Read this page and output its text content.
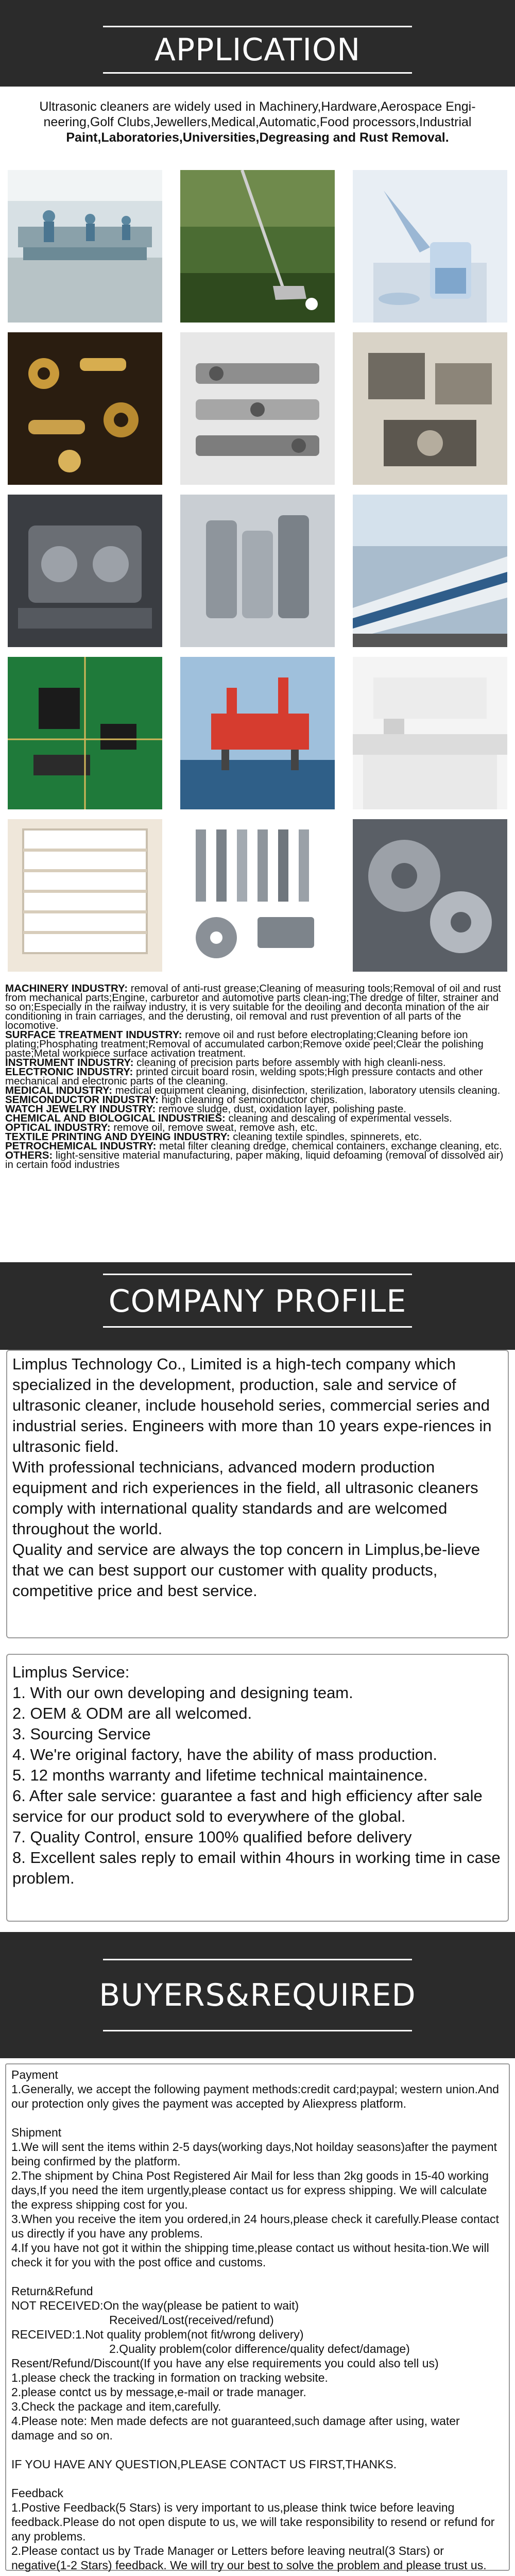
APPLICATION
Ultrasonic cleaners are widely used in Machinery,Hardware,Aerospace Engi-neering,Golf Clubs,Jewellers,Medical,Automatic,Food processors,Industrial
Paint,Laboratories,Universities,Degreasing and Rust Removal.

MACHINERY INDUSTRY: removal of anti-rust grease;Cleaning of measuring tools;Removal of oil and rust from mechanical parts;Engine, carburetor and automotive parts clean-ing;The dredge of filter, strainer and so on;Especially in the railway industry, it is very suitable for the deoiling and deconta mination of the air conditioning in train carriages, and the derusting, oil removal and rust prevention of all parts of the locomotive.

SURFACE TREATMENT INDUSTRY: remove oil and rust before electroplating;Cleaning before ion plating;Phosphating treatment;Removal of accumulated carbon;Remove oxide peel;Clear the polishing paste;Metal workpiece surface activation treatment.

INSTRUMENT INDUSTRY: cleaning of precision parts before assembly with high cleanli-ness.

ELECTRONIC INDUSTRY: printed circuit board rosin, welding spots;High pressure contacts and other mechanical and electronic parts of the cleaning.

MEDICAL INDUSTRY: medical equipment cleaning, disinfection, sterilization, laboratory utensils cleaning.

SEMICONDUCTOR INDUSTRY: high cleaning of semiconductor chips.

WATCH JEWELRY INDUSTRY: remove sludge, dust, oxidation layer, polishing paste.

CHEMICAL AND BIOLOGICAL INDUSTRIES: cleaning and descaling of experimental vessels.

OPTICAL INDUSTRY: remove oil, remove sweat, remove ash, etc.

TEXTILE PRINTING AND DYEING INDUSTRY: cleaning textile spindles, spinnerets, etc.

PETROCHEMICAL INDUSTRY: metal filter cleaning dredge, chemical containers, exchange cleaning, etc.

OTHERS: light-sensitive material manufacturing, paper making, liquid defoaming (removal of dissolved air) in certain food industries

COMPANY PROFILE

Limplus Technology Co., Limited is a high-tech company which specialized in the development, production, sale and service of ultrasonic cleaner, include household series, commercial series and industrial series. Engineers with more than 10 years expe-riences in ultrasonic field.

With professional technicians, advanced modern production equipment and rich experiences in the field, all ultrasonic cleaners comply with international quality standards and are welcomed throughout the world.

Quality and service are always the top concern in Limplus,be-lieve that we can best support our customer with quality products, competitive price and best service.

Limplus Service:

1. With our own developing and designing team.

2. OEM & ODM are all welcomed.

3. Sourcing Service

4. We're original factory, have the ability of mass production.

5. 12 months warranty and lifetime technical maintainence.

6. After sale service: guarantee a fast and high efficiency after sale service for our product sold to everywhere of the global.

7. Quality Control, ensure 100% qualified before delivery

8. Excellent sales reply to email within 4hours in working time in case problem.

BUYERS&REQUIRED

Payment

1.Generally, we accept the following payment methods:credit card;paypal; western union.And our protection only gives the payment was accepted by Aliexpress platform.

Shipment

1.We will sent the items within 2-5 days(working days,Not hoilday seasons)after the payment being confirmed by the platform.

2.The shipment by China Post Registered Air Mail for less than 2kg goods in 15-40 working days,If you need the item urgently,please contact us for express shipping. We will calculate the express shipping cost for you.

3.When you receive the item you ordered,in 24 hours,please check it carefully.Please contact us directly if you have any problems.

4.If you have not got it within the shipping time,please contact us without hesita-tion.We will check it for you with the post office and customs.

Return&Refund

NOT RECEIVED:On the way(please be patient to wait)

Received/Lost(received/refund)

RECEIVED:1.Not quality problem(not fit/wrong delivery)

2.Quality problem(color difference/quality defect/damage)

Resent/Refund/Discount(If you have any else requirements you could also tell us)

1.please check the tracking in formation on tracking website.

2.please contct us by message,e-mail or trade manager.

3.Check the package and item,carefully.

4.Please note: Men made defects are not guaranteed,such damage after using, water damage and so on.

IF YOU HAVE ANY QUESTION,PLEASE CONTACT US FIRST,THANKS.

Feedback

1.Postive Feedback(5 Stars) is very important to us,please think twice before leaving feedback.Please do not open dispute to us, we will take responsibility to resend or refund for any problems.

2.Please contact us by Trade Manager or Letters before leaving neutral(3 Stars) or negative(1-2 Stars) feedback. We will try our best to solve the problem and please trust us.
